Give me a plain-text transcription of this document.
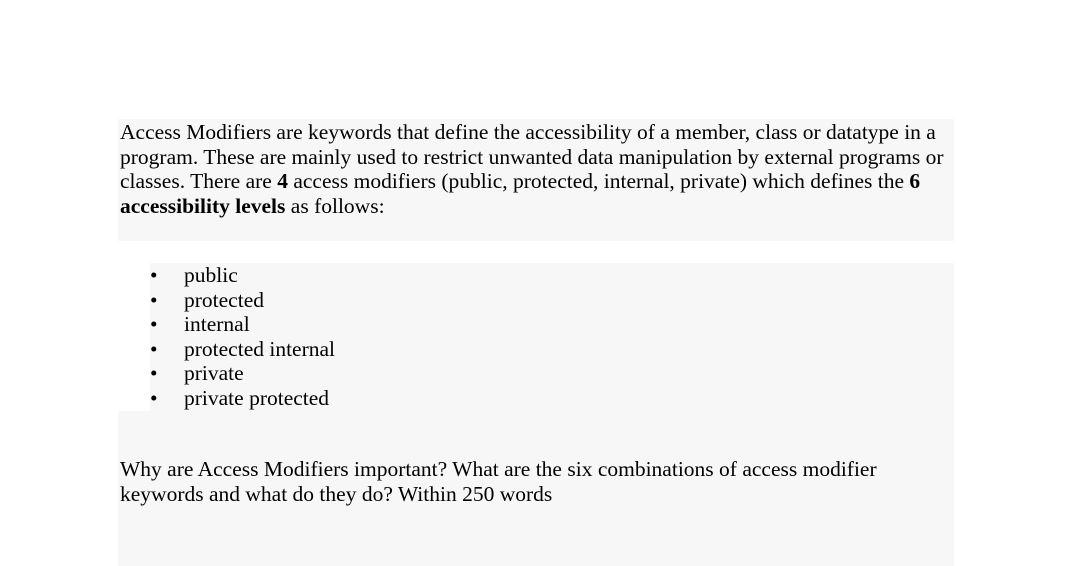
Access Modifiers are keywords that define the accessibility of a member, class or datatype in a program. These are mainly used to restrict unwanted data manipulation by external programs or classes. There are 4 access modifiers (public, protected, internal, private) which defines the 6 accessibility levels as follows:

• public
• protected
• internal
• protected internal
• private
• private protected

Why are Access Modifiers important? What are the six combinations of access modifier keywords and what do they do? Within 250 words
